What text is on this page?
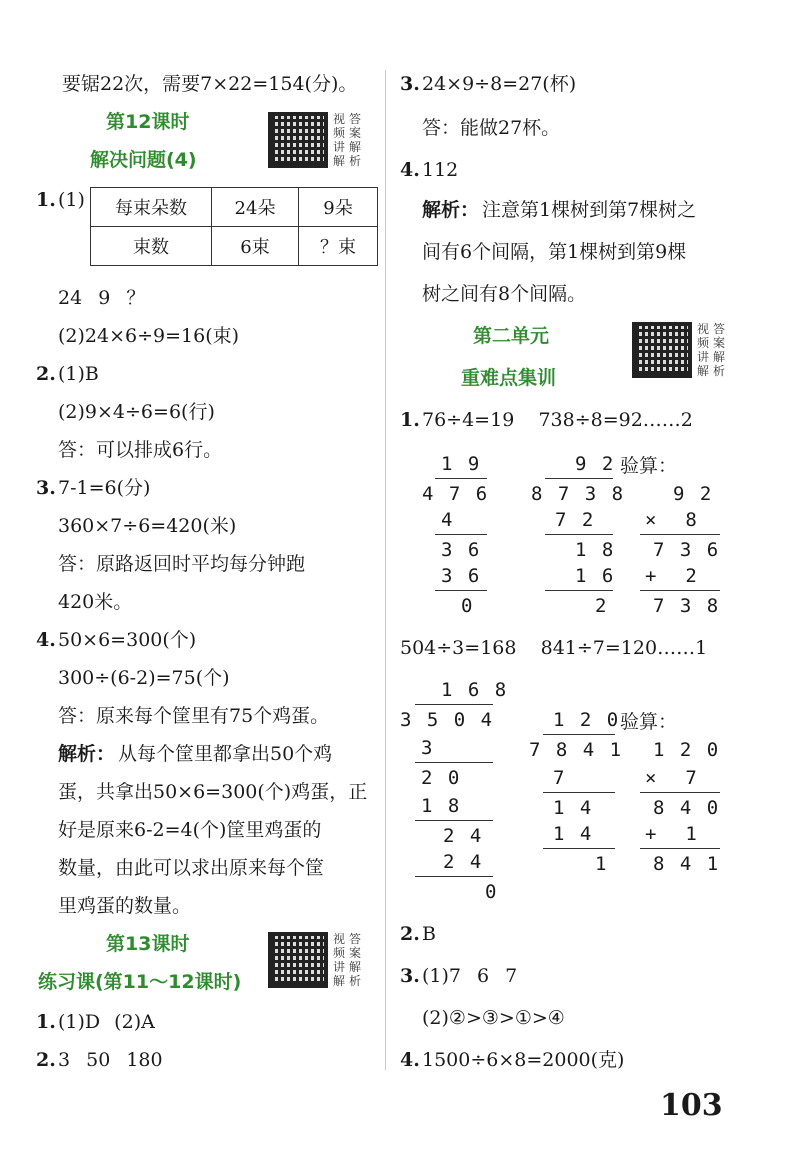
要锯22次，需要7×22=154(分)。
第12课时
解决问题(4)
视答频案讲解解析
1. (1) 每束朵数	24朵	9朵
束数	6束	？束
24 9 ？
(2)24×6÷9=16(束)
2. (1)B
(2)9×4÷6=6(行)
答：可以排成6行。
3. 7-1=6(分)
360×7÷6=420(米)
答：原路返回时平均每分钟跑
420米。
4. 50×6=300(个)
300÷(6-2)=75(个)
答：原来每个筐里有75个鸡蛋。
解析： 从每个筐里都拿出50个鸡
蛋，共拿出50×6=300(个)鸡蛋，正
好是原来6-2=4(个)筐里鸡蛋的
数量，由此可以求出原来每个筐
里鸡蛋的数量。
第13课时
练习课(第11～12课时)
视答频案讲解解析
1. (1)D (2)A
2. 3 50 180
3. 24×9÷8=27(杯)
答：能做27杯。
4. 112
解析： 注意第1棵树到第7棵树之
间有6个间隔，第1棵树到第9棵
树之间有8个间隔。
第二单元
重难点集训
视答频案讲解解析
1. 76÷4=19    738÷8=92……2
1 9
4 7 6
4
3 6
3 6
0
9 2
8 7 3 8
7 2
1 8
1 6
2
验算：
9 2
×  8
7 3 6
+  2
7 3 8
504÷3=168    841÷7=120……1
1 6 8
3 5 0 4
3
2 0
1 8
2 4
2 4
0
1 2 0
7 8 4 1
7
1 4
1 4
1
验算：
1 2 0
×  7
8 4 0
+  1
8 4 1
2. B
3. (1)7 6 7
(2)②>③>①>④
4. 1500÷6×8=2000(克)
103
